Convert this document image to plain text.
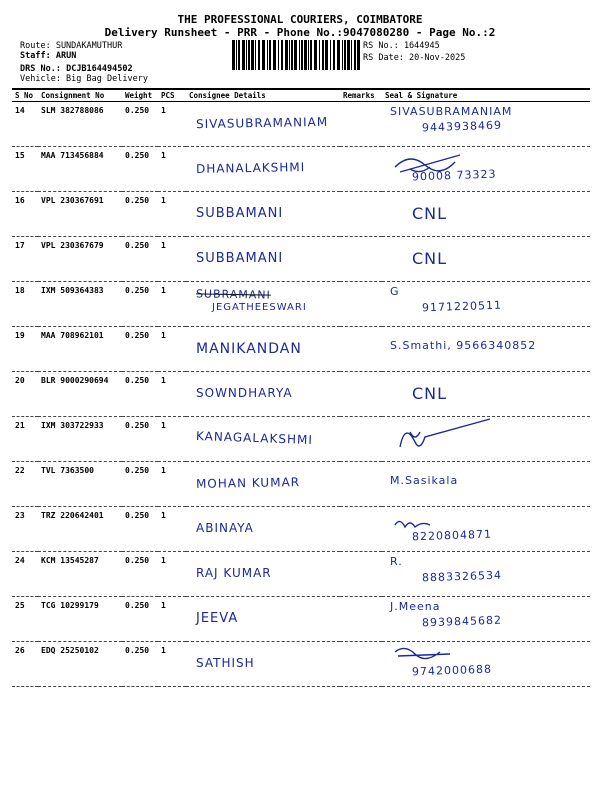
THE PROFESSIONAL COURIERS, COIMBATORE
Delivery Runsheet - PRR - Phone No.:9047080280 - Page No.:2
Route: SUNDAKAMUTHUR
Staff: ARUN
DRS No.: DCJB164494502
Vehicle: Big Bag Delivery
RS No.: 1644945
RS Date: 20-Nov-2025
S No	Consignment No	Weight	PCS	Consignee Details	Remarks	Seal & Signature
14	SLM 382788086	0.250	1	SIVASUBRAMANIAM		SIVASUBRAMANIAM
9443938469

15	MAA 713456884	0.250	1	DHANALAKSHMI		90008 73323

16	VPL 230367691	0.250	1	SUBBAMANI		CNL

17	VPL 230367679	0.250	1	SUBBAMANI		CNL

18	IXM 509364383	0.250	1	SUBRAMANI
JEGATHEESWARI		G
9171220511

19	MAA 708962101	0.250	1	MANIKANDAN		S.Smathi, 9566340852

20	BLR 9000290694	0.250	1	SOWNDHARYA		CNL

21	IXM 303722933	0.250	1	KANAGALAKSHMI

22	TVL 7363500	0.250	1	MOHAN KUMAR		M.Sasikala

23	TRZ 220642401	0.250	1	ABINAYA		8220804871

24	KCM 13545287	0.250	1	RAJ KUMAR		R.
8883326534

25	TCG 10299179	0.250	1	JEEVA		J.Meena
8939845682

26	EDQ 25250102	0.250	1	SATHISH		9742000688
